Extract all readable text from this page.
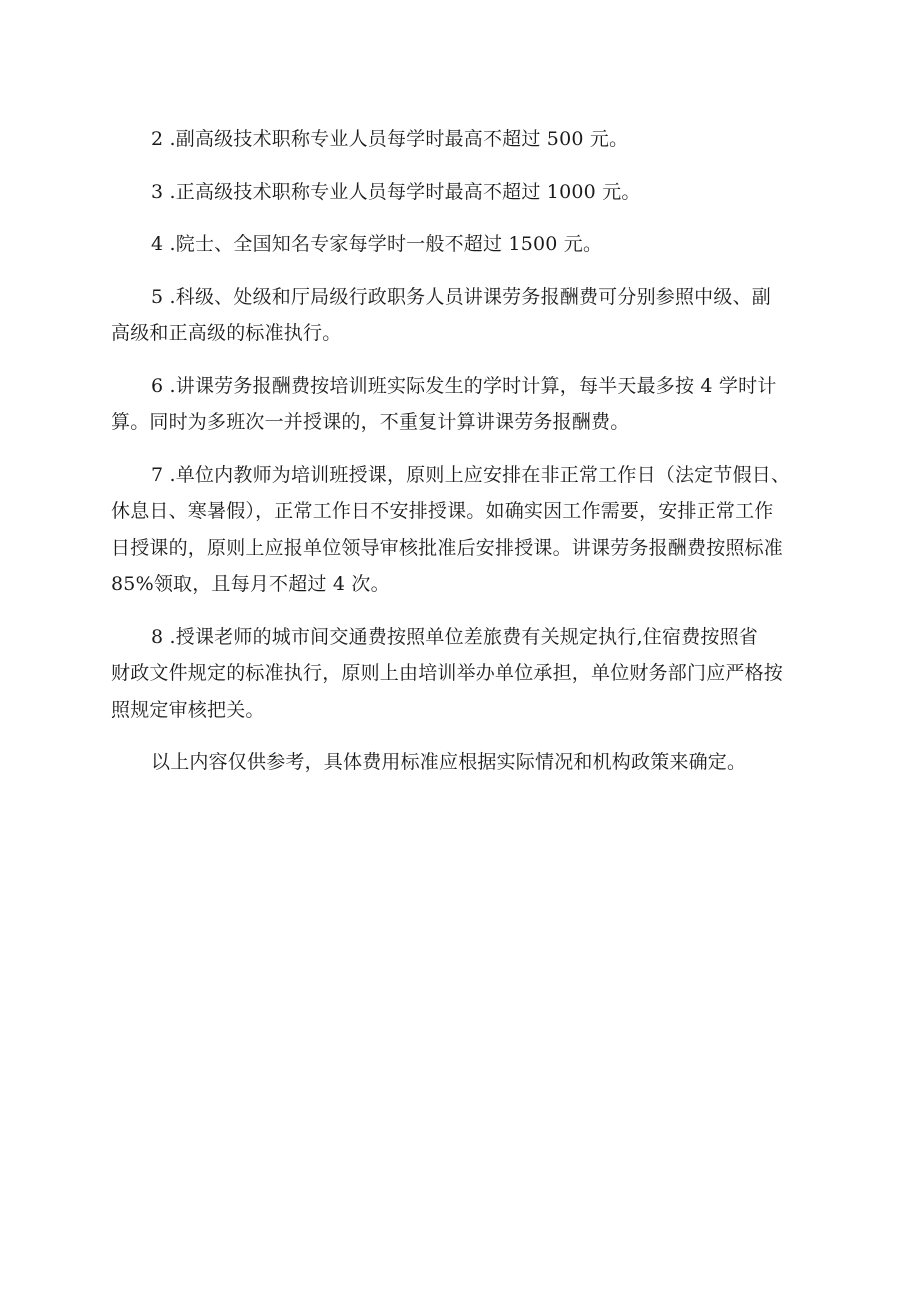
2 .副高级技术职称专业人员每学时最高不超过 500 元。

3 .正高级技术职称专业人员每学时最高不超过 1000 元。

4 .院士、全国知名专家每学时一般不超过 1500 元。

5 .科级、处级和厅局级行政职务人员讲课劳务报酬费可分别参照中级、副
高级和正高级的标准执行。

6 .讲课劳务报酬费按培训班实际发生的学时计算，每半天最多按 4 学时计
算。同时为多班次一并授课的，不重复计算讲课劳务报酬费。

7 .单位内教师为培训班授课，原则上应安排在非正常工作日（法定节假日、
休息日、寒暑假），正常工作日不安排授课。如确实因工作需要，安排正常工作
日授课的，原则上应报单位领导审核批准后安排授课。讲课劳务报酬费按照标准
85%领取，且每月不超过 4 次。

8 .授课老师的城市间交通费按照单位差旅费有关规定执行,住宿费按照省
财政文件规定的标准执行，原则上由培训举办单位承担，单位财务部门应严格按
照规定审核把关。

以上内容仅供参考，具体费用标准应根据实际情况和机构政策来确定。
